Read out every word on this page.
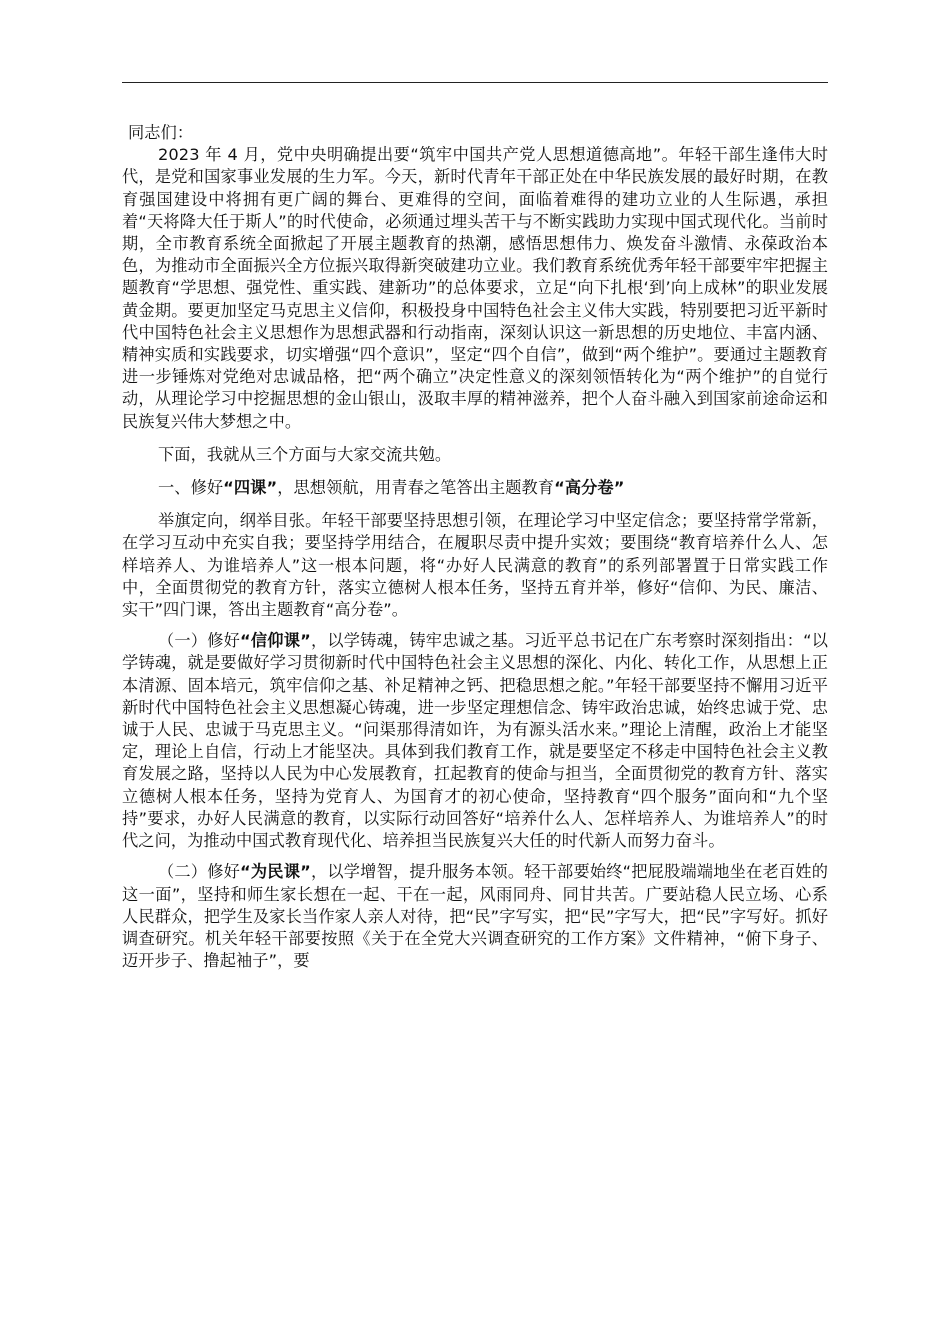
同志们：

2023 年 4 月，党中央明确提出要“筑牢中国共产党人思想道德高地”。年轻干部生逢伟大时代，是党和国家事业发展的生力军。今天，新时代青年干部正处在中华民族发展的最好时期，在教育强国建设中将拥有更广阔的舞台、更难得的空间，面临着难得的建功立业的人生际遇，承担着“天将降大任于斯人”的时代使命，必须通过埋头苦干与不断实践助力实现中国式现代化。当前时期，全市教育系统全面掀起了开展主题教育的热潮，感悟思想伟力、焕发奋斗激情、永葆政治本色，为推动市全面振兴全方位振兴取得新突破建功立业。我们教育系统优秀年轻干部要牢牢把握主题教育“学思想、强党性、重实践、建新功”的总体要求，立足“向下扎根‘到’向上成林”的职业发展黄金期。要更加坚定马克思主义信仰，积极投身中国特色社会主义伟大实践，特别要把习近平新时代中国特色社会主义思想作为思想武器和行动指南，深刻认识这一新思想的历史地位、丰富内涵、精神实质和实践要求，切实增强“四个意识”，坚定“四个自信”，做到“两个维护”。要通过主题教育进一步锤炼对党绝对忠诚品格，把“两个确立”决定性意义的深刻领悟转化为“两个维护”的自觉行动，从理论学习中挖掘思想的金山银山，汲取丰厚的精神滋养，把个人奋斗融入到国家前途命运和民族复兴伟大梦想之中。

下面，我就从三个方面与大家交流共勉。

一、修好“四课”，思想领航，用青春之笔答出主题教育“高分卷”

举旗定向，纲举目张。年轻干部要坚持思想引领，在理论学习中坚定信念；要坚持常学常新，在学习互动中充实自我；要坚持学用结合，在履职尽责中提升实效；要围绕“教育培养什么人、怎样培养人、为谁培养人”这一根本问题，将“办好人民满意的教育”的系列部署置于日常实践工作中，全面贯彻党的教育方针，落实立德树人根本任务，坚持五育并举，修好“信仰、为民、廉洁、实干”四门课，答出主题教育“高分卷”。

（一）修好“信仰课”，以学铸魂，铸牢忠诚之基。习近平总书记在广东考察时深刻指出：“以学铸魂，就是要做好学习贯彻新时代中国特色社会主义思想的深化、内化、转化工作，从思想上正本清源、固本培元，筑牢信仰之基、补足精神之钙、把稳思想之舵。”年轻干部要坚持不懈用习近平新时代中国特色社会主义思想凝心铸魂，进一步坚定理想信念、铸牢政治忠诚，始终忠诚于党、忠诚于人民、忠诚于马克思主义。“问渠那得清如许，为有源头活水来。”理论上清醒，政治上才能坚定，理论上自信，行动上才能坚决。具体到我们教育工作，就是要坚定不移走中国特色社会主义教育发展之路，坚持以人民为中心发展教育，扛起教育的使命与担当，全面贯彻党的教育方针、落实立德树人根本任务，坚持为党育人、为国育才的初心使命，坚持教育“四个服务”面向和“九个坚持”要求，办好人民满意的教育，以实际行动回答好“培养什么人、怎样培养人、为谁培养人”的时代之问，为推动中国式教育现代化、培养担当民族复兴大任的时代新人而努力奋斗。

（二）修好“为民课”，以学增智，提升服务本领。轻干部要始终“把屁股端端地坐在老百姓的这一面”，坚持和师生家长想在一起、干在一起，风雨同舟、同甘共苦。广要站稳人民立场、心系人民群众，把学生及家长当作家人亲人对待，把“民”字写实，把“民”字写大，把“民”字写好。抓好调查研究。机关年轻干部要按照《关于在全党大兴调查研究的工作方案》文件精神，“俯下身子、迈开步子、撸起袖子”，要
